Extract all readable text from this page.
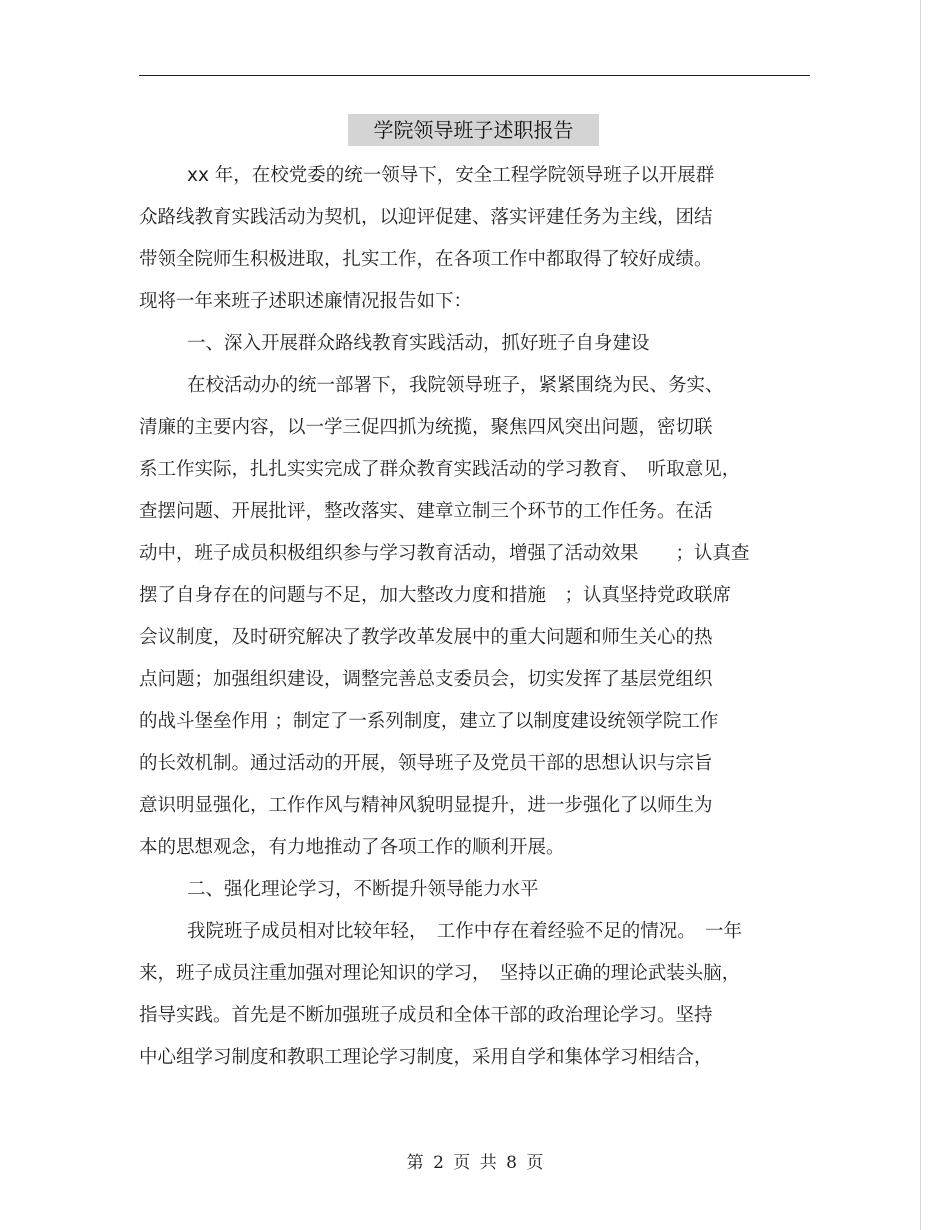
学院领导班子述职报告
xx 年，在校党委的统一领导下，安全工程学院领导班子以开展群
众路线教育实践活动为契机，以迎评促建、落实评建任务为主线，团结
带领全院师生积极进取，扎实工作，在各项工作中都取得了较好成绩。
现将一年来班子述职述廉情况报告如下：
一、深入开展群众路线教育实践活动，抓好班子自身建设
在校活动办的统一部署下，我院领导班子，紧紧围绕为民、务实、
清廉的主要内容，以一学三促四抓为统揽，聚焦四风突出问题，密切联
系工作实际，扎扎实实完成了群众教育实践活动的学习教育、　听取意见，
查摆问题、开展批评，整改落实、建章立制三个环节的工作任务。在活
动中，班子成员积极组织参与学习教育活动，增强了活动效果　　；认真查
摆了自身存在的问题与不足，加大整改力度和措施　；认真坚持党政联席
会议制度，及时研究解决了教学改革发展中的重大问题和师生关心的热
点问题；加强组织建设，调整完善总支委员会，切实发挥了基层党组织
的战斗堡垒作用 ；制定了一系列制度，建立了以制度建设统领学院工作
的长效机制。通过活动的开展，领导班子及党员干部的思想认识与宗旨
意识明显强化，工作作风与精神风貌明显提升，进一步强化了以师生为
本的思想观念，有力地推动了各项工作的顺利开展。
二、强化理论学习，不断提升领导能力水平
我院班子成员相对比较年轻，　工作中存在着经验不足的情况。　一年
来，班子成员注重加强对理论知识的学习，　坚持以正确的理论武装头脑，
指导实践。首先是不断加强班子成员和全体干部的政治理论学习。坚持
中心组学习制度和教职工理论学习制度，采用自学和集体学习相结合，
第 2 页 共 8 页
